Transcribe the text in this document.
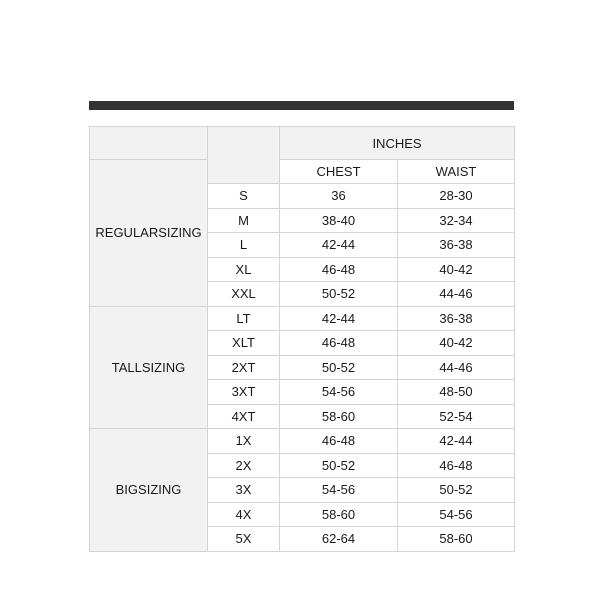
		INCHES	
REGULARSIZING		CHEST	WAIST
	S	36	28-30
	M	38-40	32-34
	L	42-44	36-38
	XL	46-48	40-42
	XXL	50-52	44-46
TALLSIZING	LT	42-44	36-38
	XLT	46-48	40-42
	2XT	50-52	44-46
	3XT	54-56	48-50
	4XT	58-60	52-54
BIGSIZING	1X	46-48	42-44
	2X	50-52	46-48
	3X	54-56	50-52
	4X	58-60	54-56
	5X	62-64	58-60
